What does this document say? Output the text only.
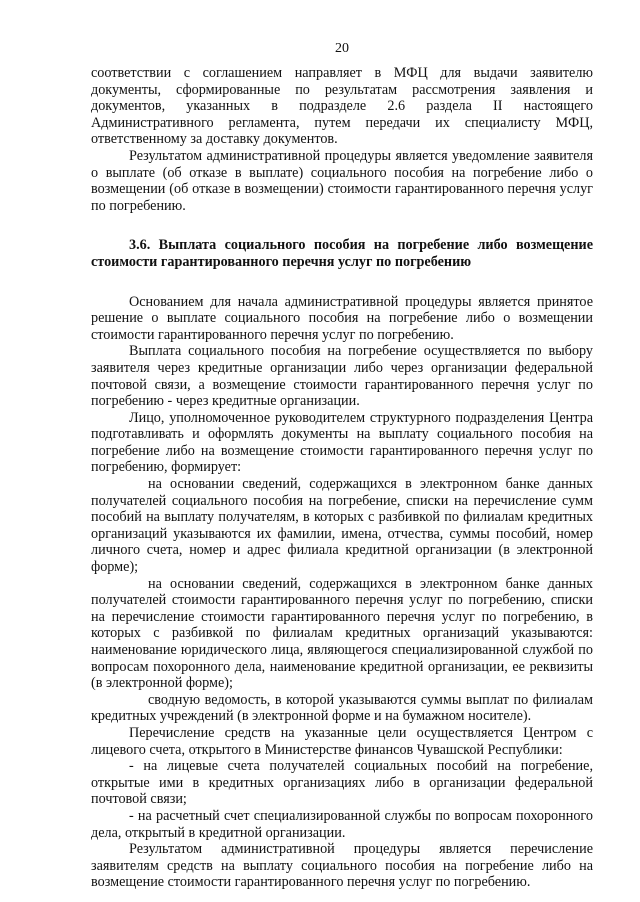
20

соответствии с соглашением направляет в МФЦ для выдачи заявителю документы, сформированные по результатам рассмотрения заявления и документов, указанных в подразделе 2.6 раздела II настоящего Административного регламента, путем передачи их специалисту МФЦ, ответственному за доставку документов.

Результатом административной процедуры является уведомление заявителя о выплате (об отказе в выплате) социального пособия на погребение либо о возмещении (об отказе в возмещении) стоимости гарантированного перечня услуг по погребению.

3.6. Выплата социального пособия на погребение либо возмещение стоимости гарантированного перечня услуг по погребению

Основанием для начала административной процедуры является принятое решение о выплате социального пособия на погребение либо о возмещении стоимости гарантированного перечня услуг по погребению.

Выплата социального пособия на погребение осуществляется по выбору заявителя через кредитные организации либо через организации федеральной почтовой связи, а возмещение стоимости гарантированного перечня услуг по погребению - через кредитные организации.

Лицо, уполномоченное руководителем структурного подразделения Центра подготавливать и оформлять документы на выплату социального пособия на погребение либо на возмещение стоимости гарантированного перечня услуг по погребению, формирует:

на основании сведений, содержащихся в электронном банке данных получателей социального пособия на погребение, списки на перечисление сумм пособий на выплату получателям, в которых с разбивкой по филиалам кредитных организаций указываются их фамилии, имена, отчества, суммы пособий, номер личного счета, номер и адрес филиала кредитной организации (в электронной форме);

на основании сведений, содержащихся в электронном банке данных получателей стоимости гарантированного перечня услуг по погребению, списки на перечисление стоимости гарантированного перечня услуг по погребению, в которых с разбивкой по филиалам кредитных организаций указываются: наименование юридического лица, являющегося специализированной службой по вопросам похоронного дела, наименование кредитной организации, ее реквизиты (в электронной форме);

сводную ведомость, в которой указываются суммы выплат по филиалам кредитных учреждений (в электронной форме и на бумажном носителе).

Перечисление средств на указанные цели осуществляется Центром с лицевого счета, открытого в Министерстве финансов Чувашской Республики:

- на лицевые счета получателей социальных пособий на погребение, открытые ими в кредитных организациях либо в организации федеральной почтовой связи;

- на расчетный счет специализированной службы по вопросам похоронного дела, открытый в кредитной организации.

Результатом административной процедуры является перечисление заявителям средств на выплату социального пособия на погребение либо на возмещение стоимости гарантированного перечня услуг по погребению.
